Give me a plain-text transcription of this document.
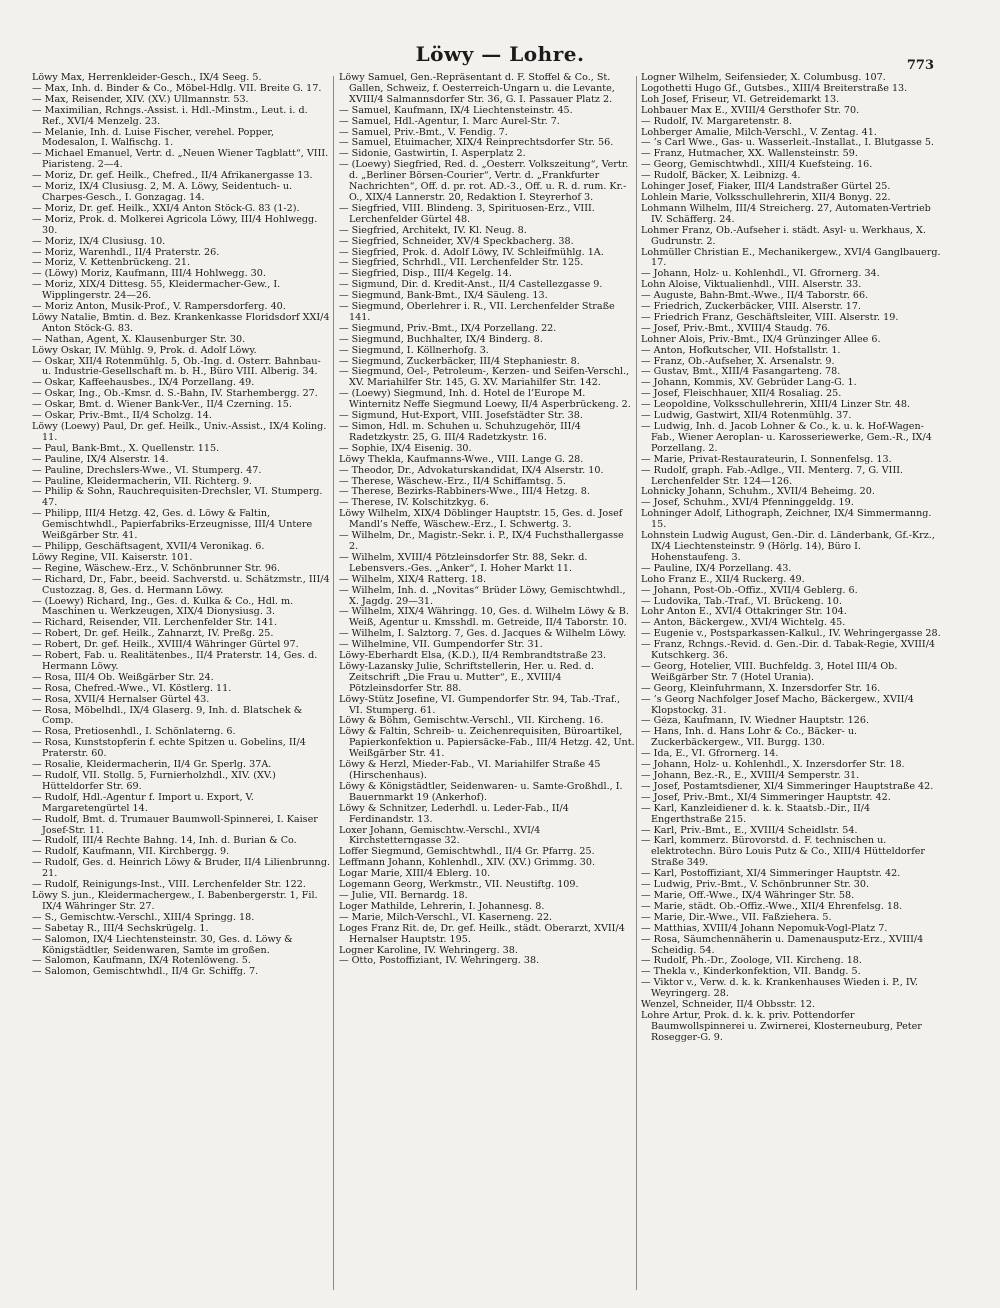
Löwy — Lohre.	773

Löwy Max, Herrenkleider-Gesch., IX/4 Seeg. 5.

— Max, Inh. d. Binder & Co., Möbel-Hdlg. VII. Breite G. 17.

— Max, Reisender, XIV. (XV.) Ullmannstr. 53.

— Maximilian, Rchngs.-Assist. i. Hdl.-Minstm., Leut. i. d. Ref., XVI/4 Menzelg. 23.

— Melanie, Inh. d. Luise Fischer, verehel. Popper, Modesalon, I. Walfischg. 1.

— Michael Emanuel, Vertr. d. „Neuen Wiener Tagblatt“, VIII. Piaristeng. 2—4.

— Moriz, Dr. gef. Heilk., Chefred., II/4 Afrikanergasse 13.

— Moriz, IX/4 Clusiusg. 2, M. A. Löwy, Seidentuch- u. Charpes-Gesch., I. Gonzagag. 14.

— Moriz, Dr. gef. Heilk., XXI/4 Anton Stöck-G. 83 (1-2).

— Moriz, Prok. d. Molkerei Agricola Löwy, III/4 Hohlwegg. 30.

— Moriz, IX/4 Clusiusg. 10.

— Moriz, Warenhdl., II/4 Praterstr. 26.

— Moriz, V. Kettenbrückeng. 21.

— (Löwy) Moriz, Kaufmann, III/4 Hohlwegg. 30.

— Moriz, XIX/4 Dittesg. 55, Kleidermacher-Gew., I. Wipplingerstr. 24—26.

— Moriz Anton, Musik-Prof., V. Rampersdorferg. 40.

Löwy Natalie, Bmtin. d. Bez. Krankenkasse Floridsdorf XXI/4 Anton Stöck-G. 83.

— Nathan, Agent, X. Klausenburger Str. 30.

Löwy Oskar, IV. Mühlg. 9, Prok. d. Adolf Löwy.

— Oskar, XII/4 Rotenmühlg. 5, Ob.-Ing. d. Österr. Bahnbau- u. Industrie-Gesellschaft m. b. H., Büro VIII. Alberig. 34.

— Oskar, Kaffeehausbes., IX/4 Porzellang. 49.

— Oskar, Ing., Ob.-Kmsr. d. S.-Bahn, IV. Starhembergg. 27.

— Oskar, Bmt. d. Wiener Bank-Ver., II/4 Czerning. 15.

— Oskar, Priv.-Bmt., II/4 Scholzg. 14.

Löwy (Loewy) Paul, Dr. gef. Heilk., Univ.-Assist., IX/4 Koling. 11.

— Paul, Bank-Bmt., X. Quellenstr. 115.

— Pauline, IX/4 Alserstr. 14.

— Pauline, Drechslers-Wwe., VI. Stumperg. 47.

— Pauline, Kleidermacherin, VII. Richterg. 9.

— Philip & Sohn, Rauchrequisiten-Drechsler, VI. Stumperg. 47.

— Philipp, III/4 Hetzg. 42, Ges. d. Löwy & Faltin, Gemischtwhdl., Papierfabriks-Erzeugnisse, III/4 Untere Weißgärber Str. 41.

— Philipp, Geschäftsagent, XVII/4 Veronikag. 6.

Löwy Regine, VII. Kaiserstr. 101.

— Regine, Wäschew.-Erz., V. Schönbrunner Str. 96.

— Richard, Dr., Fabr., beeid. Sachverstd. u. Schätzmstr., III/4 Custozzag. 8, Ges. d. Hermann Löwy.

— (Loewy) Richard, Ing., Ges. d. Kulka & Co., Hdl. m. Maschinen u. Werkzeugen, XIX/4 Dionysiusg. 3.

— Richard, Reisender, VII. Lerchenfelder Str. 141.

— Robert, Dr. gef. Heilk., Zahnarzt, IV. Preßg. 25.

— Robert, Dr. gef. Heilk., XVIII/4 Währinger Gürtel 97.

— Robert, Fab. u. Realitätenbes., II/4 Praterstr. 14, Ges. d. Hermann Löwy.

— Rosa, III/4 Ob. Weißgärber Str. 24.

— Rosa, Chefred.-Wwe., VI. Köstlerg. 11.

— Rosa, XVII/4 Hernalser Gürtel 43.

— Rosa, Möbelhdl., IX/4 Glaserg. 9, Inh. d. Blatschek & Comp.

— Rosa, Pretiosenhdl., I. Schönlaterng. 6.

— Rosa, Kunststopferin f. echte Spitzen u. Gobelins, II/4 Praterstr. 60.

— Rosalie, Kleidermacherin, II/4 Gr. Sperlg. 37A.

— Rudolf, VII. Stollg. 5, Furnierholzhdl., XIV. (XV.) Hütteldorfer Str. 69.

— Rudolf, Hdl.-Agentur f. Import u. Export, V. Margaretengürtel 14.

— Rudolf, Bmt. d. Trumauer Baumwoll-Spinnerei, I. Kaiser Josef-Str. 11.

— Rudolf, III/4 Rechte Bahng. 14, Inh. d. Burian & Co.

— Rudolf, Kaufmann, VII. Kirchbergg. 9.

— Rudolf, Ges. d. Heinrich Löwy & Bruder, II/4 Lilienbrunng. 21.

— Rudolf, Reinigungs-Inst., VIII. Lerchenfelder Str. 122.

Löwy S. jun., Kleidermachergew., I. Babenbergerstr. 1, Fil. IX/4 Währinger Str. 27.

— S., Gemischtw.-Verschl., XIII/4 Springg. 18.

— Sabetay R., III/4 Sechskrügelg. 1.

— Salomon, IX/4 Liechtensteinstr. 30, Ges. d. Löwy & Königstädtler, Seidenwaren, Samte im großen.

— Salomon, Kaufmann, IX/4 Rotenlöweng. 5.

— Salomon, Gemischtwhdl., II/4 Gr. Schiffg. 7.

Löwy Samuel, Gen.-Repräsentant d. F. Stoffel & Co., St. Gallen, Schweiz, f. Oesterreich-Ungarn u. die Levante, XVIII/4 Salmannsdorfer Str. 36, G. I. Passauer Platz 2.

— Samuel, Kaufmann, IX/4 Liechtensteinstr. 45.

— Samuel, Hdl.-Agentur, I. Marc Aurel-Str. 7.

— Samuel, Priv.-Bmt., V. Fendig. 7.

— Samuel, Etuimacher, XIX/4 Reinprechtsdorfer Str. 56.

— Sidonie, Gastwirtin, I. Asperplatz 2.

— (Loewy) Siegfried, Red. d. „Oesterr. Volkszeitung“, Vertr. d. „Berliner Börsen-Courier“, Vertr. d. „Frankfurter Nachrichten“, Off. d. pr. rot. AD.-3., Off. u. R. d. rum. Kr.-O., XIX/4 Lannerstr. 20, Redaktion I. Steyrerhof 3.

— Siegfried, VIII. Blindeng. 3, Spirituosen-Erz., VIII. Lerchenfelder Gürtel 48.

— Siegfried, Architekt, IV. Kl. Neug. 8.

— Siegfried, Schneider, XV/4 Speckbacherg. 38.

— Siegfried, Prok. d. Adolf Löwy, IV. Schleifmühlg. 1A.

— Siegfried, Schrhdl., VII. Lerchenfelder Str. 125.

— Siegfried, Disp., III/4 Kegelg. 14.

— Sigmund, Dir. d. Kredit-Anst., II/4 Castellezgasse 9.

— Siegmund, Bank-Bmt., IX/4 Säuleng. 13.

— Siegmund, Oberlehrer i. R., VII. Lerchenfelder Straße 141.

— Siegmund, Priv.-Bmt., IX/4 Porzellang. 22.

— Siegmund, Buchhalter, IX/4 Binderg. 8.

— Siegmund, I. Köllnerhofg. 3.

— Siegmund, Zuckerbäcker, III/4 Stephaniestr. 8.

— Siegmund, Oel-, Petroleum-, Kerzen- und Seifen-Verschl., XV. Mariahilfer Str. 145, G. XV. Mariahilfer Str. 142.

— (Loewy) Siegmund, Inh. d. Hotel de l’Europe M. Winternitz Neffe Siegmund Loewy, II/4 Asperbrückeng. 2.

— Sigmund, Hut-Export, VIII. Josefstädter Str. 38.

— Simon, Hdl. m. Schuhen u. Schuhzugehör, III/4 Radetzkystr. 25, G. III/4 Radetzkystr. 16.

— Sophie, IX/4 Eisenig. 30.

Löwy Thekla, Kaufmanns-Wwe., VIII. Lange G. 28.

— Theodor, Dr., Advokaturskandidat, IX/4 Alserstr. 10.

— Therese, Wäschew.-Erz., II/4 Schiffamtsg. 5.

— Therese, Bezirks-Rabbiners-Wwe., III/4 Hetzg. 8.

— Therese, IV. Kolschitzkyg. 6.

Löwy Wilhelm, XIX/4 Döblinger Hauptstr. 15, Ges. d. Josef Mandl’s Neffe, Wäschew.-Erz., I. Schwertg. 3.

— Wilhelm, Dr., Magistr.-Sekr. i. P., IX/4 Fuchsthallergasse 2.

— Wilhelm, XVIII/4 Pötzleinsdorfer Str. 88, Sekr. d. Lebensvers.-Ges. „Anker“, I. Hoher Markt 11.

— Wilhelm, XIX/4 Ratterg. 18.

— Wilhelm, Inh. d. „Novitas“ Brüder Löwy, Gemischtwhdl., X. Jagdg. 29—31.

— Wilhelm, XIX/4 Währingg. 10, Ges. d. Wilhelm Löwy & B. Weiß, Agentur u. Kmsshdl. m. Getreide, II/4 Taborstr. 10.

— Wilhelm, I. Salztorg. 7, Ges. d. Jacques & Wilhelm Löwy.

— Wilhelmine, VII. Gumpendorfer Str. 31.

Löwy-Eberhardt Elsa, (K.D.), II/4 Rembrandtstraße 23.

Löwy-Lazansky Julie, Schriftstellerin, Her. u. Red. d. Zeitschrift „Die Frau u. Mutter“, E., XVIII/4 Pötzleinsdorfer Str. 88.

Löwy-Stütz Josefine, VI. Gumpendorfer Str. 94, Tab.-Traf., VI. Stumperg. 61.

Löwy & Böhm, Gemischtw.-Verschl., VII. Kircheng. 16.

Löwy & Faltin, Schreib- u. Zeichenrequisiten, Büroartikel, Papierkonfektion u. Papiersäcke-Fab., III/4 Hetzg. 42, Unt. Weißgärber Str. 41.

Löwy & Herzl, Mieder-Fab., VI. Mariahilfer Straße 45 (Hirschenhaus).

Löwy & Königstädtler, Seidenwaren- u. Samte-Großhdl., I. Bauernmarkt 19 (Ankerhof).

Löwy & Schnitzer, Lederhdl. u. Leder-Fab., II/4 Ferdinandstr. 13.

Loxer Johann, Gemischtw.-Verschl., XVI/4 Kirchstetterngasse 32.

Loffer Siegmund, Gemischtwhdl., II/4 Gr. Pfarrg. 25.

Leffmann Johann, Kohlenhdl., XIV. (XV.) Grimmg. 30.

Logar Marie, XIII/4 Eblerg. 10.

Logemann Georg, Werkmstr., VII. Neustiftg. 109.

— Julie, VII. Bernardg. 18.

Loger Mathilde, Lehrerin, I. Johannesg. 8.

— Marie, Milch-Verschl., VI. Kaserneng. 22.

Loges Franz Rit. de, Dr. gef. Heilk., städt. Oberarzt, XVII/4 Hernalser Hauptstr. 195.

Logner Karoline, IV. Wehringerg. 38.

— Otto, Postoffiziant, IV. Wehringerg. 38.

Logner Wilhelm, Seifensieder, X. Columbusg. 107.

Logothetti Hugo Gf., Gutsbes., XIII/4 Breiterstraße 13.

Loh Josef, Friseur, VI. Getreidemarkt 13.

Lohbauer Max E., XVIII/4 Gersthofer Str. 70.

— Rudolf, IV. Margaretenstr. 8.

Lohberger Amalie, Milch-Verschl., V. Zentag. 41.

— ’s Carl Wwe., Gas- u. Wasserleit.-Installat., I. Blutgasse 5.

— Franz, Hutmacher, XX. Wallensteinstr. 59.

— Georg, Gemischtwhdl., XIII/4 Kuefsteing. 16.

— Rudolf, Bäcker, X. Leibnizg. 4.

Lohinger Josef, Fiaker, III/4 Landstraßer Gürtel 25.

Lohlein Marie, Volksschullehrerin, XII/4 Bonyg. 22.

Lohmann Wilhelm, III/4 Streicherg. 27, Automaten-Vertrieb IV. Schäfferg. 24.

Lohmer Franz, Ob.-Aufseher i. städt. Asyl- u. Werkhaus, X. Gudrunstr. 2.

Lohmüller Christian E., Mechanikergew., XVI/4 Ganglbauerg. 17.

— Johann, Holz- u. Kohlenhdl., VI. Gfrornerg. 34.

Lohn Aloise, Viktualienhdl., VIII. Alserstr. 33.

— Auguste, Bahn-Bmt.-Wwe., II/4 Taborstr. 66.

— Friedrich, Zuckerbäcker, VIII. Alserstr. 17.

— Friedrich Franz, Geschäftsleiter, VIII. Alserstr. 19.

— Josef, Priv.-Bmt., XVIII/4 Staudg. 76.

Lohner Alois, Priv.-Bmt., IX/4 Grünzinger Allee 6.

— Anton, Hofkutscher, VII. Hofstallstr. 1.

— Franz, Ob.-Aufseher, X. Arsenalstr. 9.

— Gustav, Bmt., XIII/4 Fasangarteng. 78.

— Johann, Kommis, XV. Gebrüder Lang-G. 1.

— Josef, Fleischhauer, XII/4 Rosaliag. 25.

— Leopoldine, Volksschullehrerin, XIII/4 Linzer Str. 48.

— Ludwig, Gastwirt, XII/4 Rotenmühlg. 37.

— Ludwig, Inh. d. Jacob Lohner & Co., k. u. k. Hof-Wagen-Fab., Wiener Aeroplan- u. Karosseriewerke, Gem.-R., IX/4 Porzellang. 2.

— Marie, Privat-Restaurateurin, I. Sonnenfelsg. 13.

— Rudolf, graph. Fab.-Adlge., VII. Menterg. 7, G. VIII. Lerchenfelder Str. 124—126.

Lohnicky Johann, Schuhm., XVII/4 Beheimg. 20.

— Josef, Schuhm., XVI/4 Pfenninggeldg. 19.

Lohninger Adolf, Lithograph, Zeichner, IX/4 Simmermanng. 15.

Lohnstein Ludwig August, Gen.-Dir. d. Länderbank, Gf.-Krz., IX/4 Liechtensteinstr. 9 (Hörlg. 14), Büro I. Hohenstaufeng. 3.

— Pauline, IX/4 Porzellang. 43.

Loho Franz E., XII/4 Ruckerg. 49.

— Johann, Post-Ob.-Offiz., XVII/4 Geblerg. 6.

— Ludovika, Tab.-Traf., VI. Brückeng. 10.

Lohr Anton E., XVI/4 Ottakringer Str. 104.

— Anton, Bäckergew., XVI/4 Wichtelg. 45.

— Eugenie v., Postsparkassen-Kalkul., IV. Wehringergasse 28.

— Franz, Rchngs.-Revid. d. Gen.-Dir. d. Tabak-Regie, XVIII/4 Kutschkerg. 36.

— Georg, Hotelier, VIII. Buchfeldg. 3, Hotel III/4 Ob. Weißgärber Str. 7 (Hotel Urania).

— Georg, Kleinfuhrmann, X. Inzersdorfer Str. 16.

— ’s Georg Nachfolger Josef Macho, Bäckergew., XVII/4 Klopstockg. 31.

— Géza, Kaufmann, IV. Wiedner Hauptstr. 126.

— Hans, Inh. d. Hans Lohr & Co., Bäcker- u. Zuckerbäckergew., VII. Burgg. 130.

— Ida, E., VI. Gfrornerg. 14.

— Johann, Holz- u. Kohlenhdl., X. Inzersdorfer Str. 18.

— Johann, Bez.-R., E., XVIII/4 Semperstr. 31.

— Josef, Postamtsdiener, XI/4 Simmeringer Hauptstraße 42.

— Josef, Priv.-Bmt., XI/4 Simmeringer Hauptstr. 42.

— Karl, Kanzleidiener d. k. k. Staatsb.-Dir., II/4 Engerthstraße 215.

— Karl, Priv.-Bmt., E., XVIII/4 Scheidlstr. 54.

— Karl, kommerz. Bürovorstd. d. F. technischen u. elektrotechn. Büro Louis Putz & Co., XIII/4 Hütteldorfer Straße 349.

— Karl, Postoffiziant, XI/4 Simmeringer Hauptstr. 42.

— Ludwig, Priv.-Bmt., V. Schönbrunner Str. 30.

— Marie, Off.-Wwe., IX/4 Währinger Str. 58.

— Marie, städt. Ob.-Offiz.-Wwe., XII/4 Ehrenfelsg. 18.

— Marie, Dir.-Wwe., VII. Faßziehera. 5.

— Matthias, XVIII/4 Johann Nepomuk-Vogl-Platz 7.

— Rosa, Säumchennäherin u. Damenausputz-Erz., XVIII/4 Scheidig. 54.

— Rudolf, Ph.-Dr., Zoologe, VII. Kircheng. 18.

— Thekla v., Kinderkonfektion, VII. Bandg. 5.

— Viktor v., Verw. d. k. k. Krankenhauses Wieden i. P., IV. Weyringerg. 28.

Wenzel, Schneider, II/4 Obbsstr. 12.

Lohre Artur, Prok. d. k. k. priv. Pottendorfer Baumwollspinnerei u. Zwirnerei, Klosterneuburg, Peter Rosegger-G. 9.
